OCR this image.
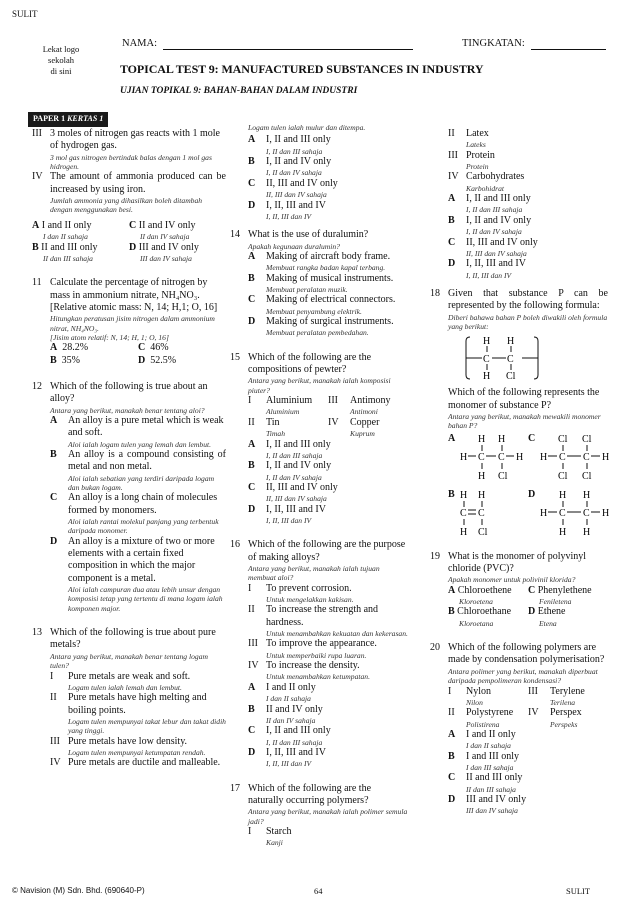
SULIT
Lekat logo
sekolah
di sini
NAMA:	TINGKATAN:
TOPICAL TEST 9: MANUFACTURED SUBSTANCES IN INDUSTRY
UJIAN TOPIKAL 9: BAHAN-BAHAN DALAM INDUSTRI
PAPER 1 KERTAS 1
III 3 moles of nitrogen gas reacts with 1 mole of hydrogen gas.
3 mol gas nitrogen bertindak balas dengan 1 mol gas hidrogen.
IV The amount of ammonia produced can be increased by using iron.
Jumlah ammonia yang dihasilkan boleh ditambah dengan menggunakan besi.
A I and II only
I dan II sahaja
C II and IV only
II dan IV sahaja
B II and III only
II dan III sahaja
D III and IV only
III dan IV sahaja
11 Calculate the percentage of nitrogen by mass in ammonium nitrate, NH₄NO₃.
[Relative atomic mass: N, 14; H,1; O, 16]
Hitungkan peratusan jisim nitrogen dalam ammonium nitrat, NH₄NO₃.
[Jisim atom relatif: N, 14; H, 1; O, 16]
A 28.2%	C 46%
B 35%	D 52.5%
12 Which of the following is true about an alloy?
Antara yang berikut, manakah benar tentang aloi?
A An alloy is a pure metal which is weak and soft.
Aloi ialah logam tulen yang lemah dan lembut.
B An alloy is a compound consisting of metal and non metal.
Aloi ialah sebatian yang terdiri daripada logam dan bukan logam.
C An alloy is a long chain of molecules formed by monomers.
Aloi ialah rantai molekul panjang yang terbentuk daripada monomer.
D An alloy is a mixture of two or more elements with a certain fixed composition in which the major component is a metal.
Aloi ialah campuran dua atau lebih unsur dengan komposisi tetap yang tertentu di mana logam ialah komponen major.
13 Which of the following is true about pure metals?
Antara yang berikut, manakah benar tentang logam tulen?
I Pure metals are weak and soft.
Logam tulen ialah lemah dan lembut.
II Pure metals have high melting and boiling points.
Logam tulen mempunyai takat lebur dan takat didih yang tinggi.
III Pure metals have low density.
Logam tulen mempunyai ketumpatan rendah.
IV Pure metals are ductile and malleable.
Logam tulen ialah mulur dan ditempa.
A I, II and III only
I, II dan III sahaja
B I, II and IV only
I, II dan IV sahaja
C II, III and IV only
II, III dan IV sahaja
D I, II, III and IV
I, II, III dan IV
14 What is the use of duralumin?
Apakah kegunaan duralumin?
A Making of aircraft body frame.
Membuat rangka badan kapal terbang.
B Making of musical instruments.
Membuat peralatan muzik.
C Making of electrical connectors.
Membuat penyambung elektrik.
D Making of surgical instruments.
Membuat peralatan pembedahan.
15 Which of the following are the compositions of pewter?
Antara yang berikut, manakah ialah komposisi piuter?
I Aluminium
Aluminium
III Antimony
Antimoni
II Tin
Timah
IV Copper
Kuprum
A I, II and III only
I, II dan III sahaja
B I, II and IV only
I, II dan IV sahaja
C II, III and IV only
II, III dan IV sahaja
D I, II, III and IV
I, II, III dan IV
16 Which of the following are the purpose of making alloys?
Antara yang berikut, manakah ialah tujuan membuat aloi?
I To prevent corrosion.
Untuk mengelakkan kakisan.
II To increase the strength and hardness.
Untuk menambahkan kekuatan dan kekerasan.
III To improve the appearance.
Untuk memperbaiki rupa luaran.
IV To increase the density.
Untuk menambahkan ketumpatan.
A I and II only
I dan II sahaja
B II and IV only
II dan IV sahaja
C I, II and III only
I, II dan III sahaja
D I, II, III and IV
I, II, III dan IV
17 Which of the following are the naturally occurring polymers?
Antara yang berikut, manakah ialah polimer semula jadi?
I Starch
Kanji
II Latex
Lateks
III Protein
Protein
IV Carbohydrates
Karbohidrat
A I, II and III only
I, II dan III sahaja
B I, II and IV only
I, II dan IV sahaja
C II, III and IV only
II, III dan IV sahaja
D I, II, III and IV
I, II, III dan IV
18 Given that substance P can be represented by the following formula:
Diberi bahawa bahan P boleh diwakili oleh formula yang berikut:
H H
C C
H Cl
Which of the following represents the monomer of substance P?
Antara yang berikut, manakah mewakili monomer bahan P?
A H H
H C C H
H Cl
C Cl Cl
H C C H
Cl Cl
B H H
C C
H Cl
D H H
H C C H
H H
19 What is the monomer of polyvinyl chloride (PVC)?
Apakah monomer untuk polivinil klorida?
A Chloroethene
Kloroetena
C Phenylethene
Feniletena
B Chloroethane
Kloroetana
D Ethene
Etena
20 Which of the following polymers are made by condensation polymerisation?
Antara polimer yang berikut, manakah diperbuat daripada pempolimeran kondensasi?
I Nylon
Nilon
III Terylene
Terilena
II Polystyrene
Polistirena
IV Perspex
Perspeks
A I and II only
I dan II sahaja
B I and III only
I dan III sahaja
C II and III only
II dan III sahaja
D III and IV only
III dan IV sahaja
© Navision (M) Sdn. Bhd. (690640-P)	64	SULIT
